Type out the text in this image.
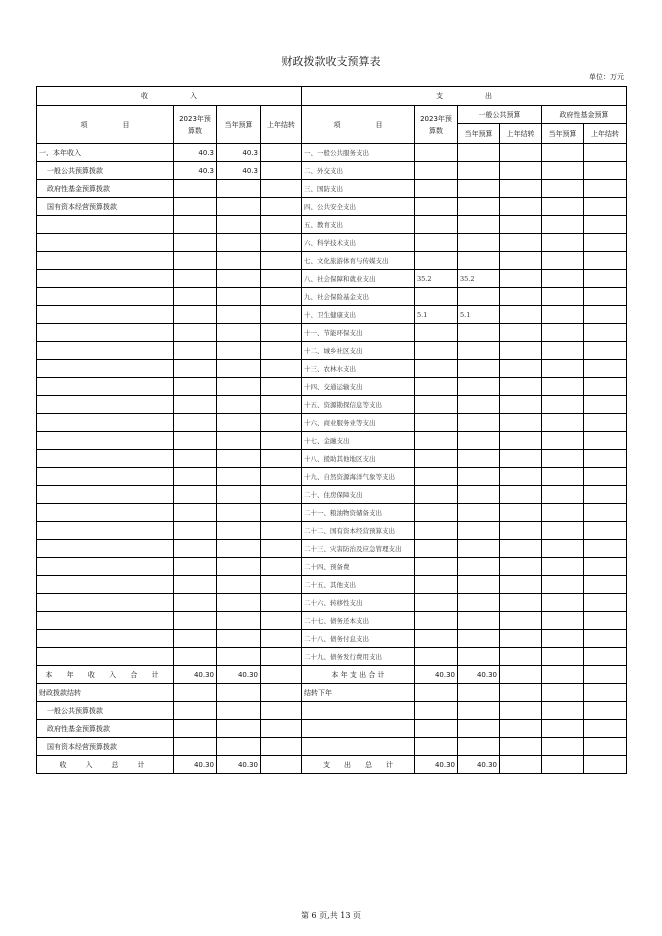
财政拨款收支预算表
单位：万元
收　　　　　　入				支　　　　　　出					
项　　　　　目	2023年预算数	当年预算	上年结转	项　　　　　目	2023年预算数	一般公共预算		政府性基金预算	
						当年预算	上年结转	当年预算	上年结转
一、本年收入	40.3	40.3		一、一般公共服务支出					
一般公共预算拨款	40.3	40.3		二、外交支出					
政府性基金预算拨款				三、国防支出					
国有资本经营预算拨款				四、公共安全支出					
				五、教育支出					
				六、科学技术支出					
				七、文化旅游体育与传媒支出					
				八、社会保障和就业支出	35.2	35.2			
				九、社会保险基金支出					
				十、卫生健康支出	5.1	5.1			
				十一、节能环保支出					
				十二、城乡社区支出					
				十三、农林水支出					
				十四、交通运输支出					
				十五、资源勘探信息等支出					
				十六、商业服务业等支出					
				十七、金融支出					
				十八、援助其他地区支出					
				十九、自然资源海洋气象等支出					
				二十、住房保障支出					
				二十一、粮油物资储备支出					
				二十二、国有资本经营预算支出					
				二十三、灾害防治及应急管理支出					
				二十四、预备费					
				二十五、其他支出					
				二十六、转移性支出					
				二十七、债务还本支出					
				二十八、债务付息支出					
				二十九、债务发行费用支出					
本 年 收 入 合 计	40.30	40.30		本 年 支 出 合 计	40.30	40.30			
财政拨款结转				结转下年					
一般公共预算拨款									
政府性基金预算拨款									
国有资本经营预算拨款									
收　入　总　计	40.30	40.30		支　　出　　总　　计	40.30	40.30			
第 6 页,共 13 页
